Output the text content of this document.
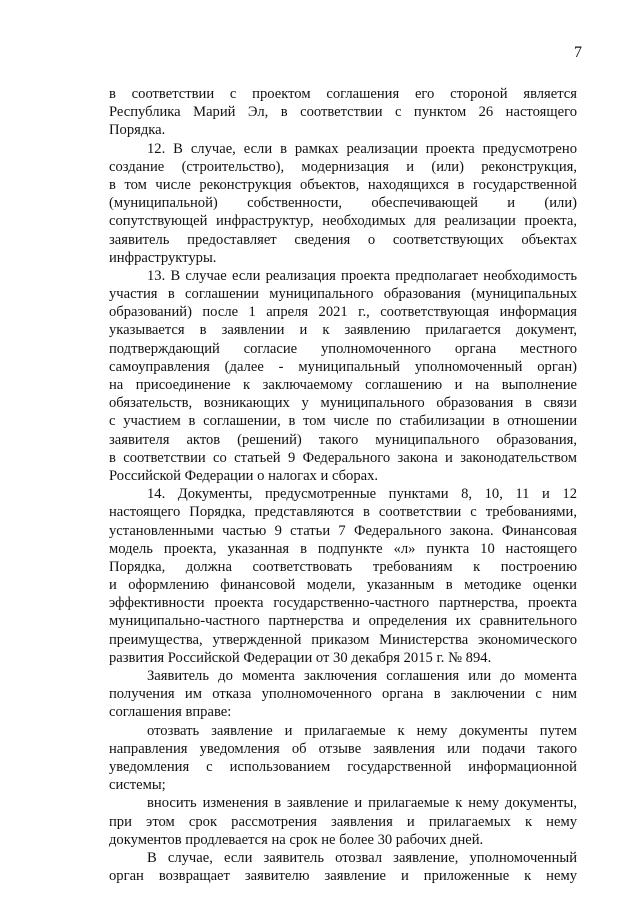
7
в соответствии с проектом соглашения его стороной является
Республика Марий Эл, в соответствии с пунктом 26 настоящего
Порядка.
12. В случае, если в рамках реализации проекта предусмотрено
создание (строительство), модернизация и (или) реконструкция,
в том числе реконструкция объектов, находящихся в государственной
(муниципальной) собственности, обеспечивающей и (или)
сопутствующей инфраструктур, необходимых для реализации проекта,
заявитель предоставляет сведения о соответствующих объектах
инфраструктуры.
13. В случае если реализация проекта предполагает необходимость
участия в соглашении муниципального образования (муниципальных
образований) после 1 апреля 2021 г., соответствующая информация
указывается в заявлении и к заявлению прилагается документ,
подтверждающий согласие уполномоченного органа местного
самоуправления (далее - муниципальный уполномоченный орган)
на присоединение к заключаемому соглашению и на выполнение
обязательств, возникающих у муниципального образования в связи
с участием в соглашении, в том числе по стабилизации в отношении
заявителя актов (решений) такого муниципального образования,
в соответствии со статьей 9 Федерального закона и законодательством
Российской Федерации о налогах и сборах.
14. Документы, предусмотренные пунктами 8, 10, 11 и 12
настоящего Порядка, представляются в соответствии с требованиями,
установленными частью 9 статьи 7 Федерального закона. Финансовая
модель проекта, указанная в подпункте «л» пункта 10 настоящего
Порядка, должна соответствовать требованиям к построению
и оформлению финансовой модели, указанным в методике оценки
эффективности проекта государственно-частного партнерства, проекта
муниципально-частного партнерства и определения их сравнительного
преимущества, утвержденной приказом Министерства экономического
развития Российской Федерации от 30 декабря 2015 г. № 894.
Заявитель до момента заключения соглашения или до момента
получения им отказа уполномоченного органа в заключении с ним
соглашения вправе:
отозвать заявление и прилагаемые к нему документы путем
направления уведомления об отзыве заявления или подачи такого
уведомления с использованием государственной информационной
системы;
вносить изменения в заявление и прилагаемые к нему документы,
при этом срок рассмотрения заявления и прилагаемых к нему
документов продлевается на срок не более 30 рабочих дней.
В случае, если заявитель отозвал заявление, уполномоченный
орган возвращает заявителю заявление и приложенные к нему
